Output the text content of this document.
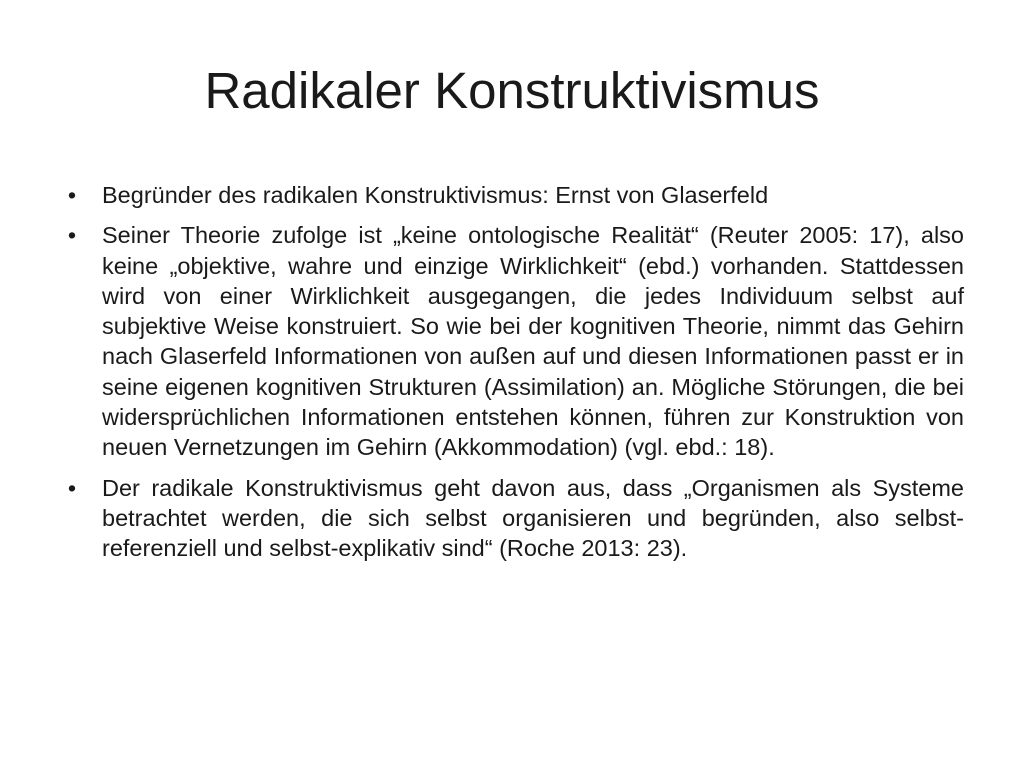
Radikaler Konstruktivismus
• Begründer des radikalen Konstruktivismus: Ernst von Glaserfeld
• Seiner Theorie zufolge ist „keine ontologische Realität“ (Reuter 2005: 17), also keine „objektive, wahre und einzige Wirklichkeit“ (ebd.) vorhanden. Stattdessen wird von einer Wirklichkeit ausgegangen, die jedes Individuum selbst auf subjektive Weise konstruiert. So wie bei der kognitiven Theorie, nimmt das Gehirn nach Glaserfeld Informationen von außen auf und diesen Informationen passt er in seine eigenen kognitiven Strukturen (Assimilation) an. Mögliche Störungen, die bei widersprüchlichen Informationen entstehen können, führen zur Konstruktion von neuen Vernetzungen im Gehirn (Akkommodation) (vgl. ebd.: 18).
• Der radikale Konstruktivismus geht davon aus, dass „Organismen als Systeme betrachtet werden, die sich selbst organisieren und begründen, also selbst-referenziell und selbst-explikativ sind“ (Roche 2013: 23).
